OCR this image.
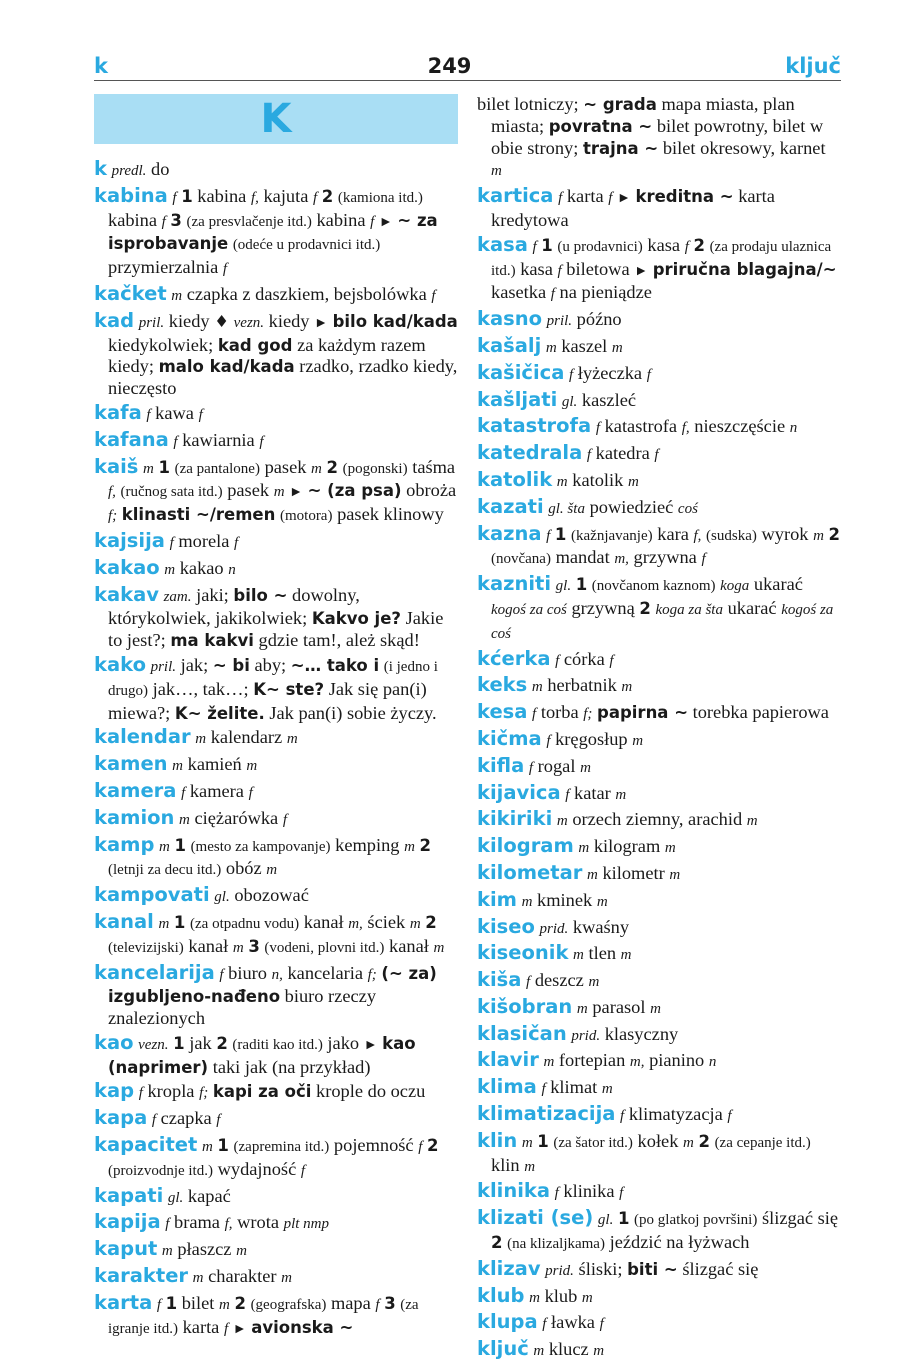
k	249	ključ
K
k predl. do
kabina f 1 kabina f, kajuta f 2 (kamiona itd.) kabina f 3 (za presvlačenje itd.) kabina f ► ~ za isprobavanje (odeće u prodavnici itd.) przymierzalnia f
kačket m czapka z daszkiem, bejsbolówka f
kad pril. kiedy ♦ vezn. kiedy ► bilo kad/kada kiedykolwiek; kad god za każdym razem kiedy; malo kad/kada rzadko, rzadko kiedy, nieczęsto
kafa f kawa f
kafana f kawiarnia f
kaiš m 1 (za pantalone) pasek m 2 (pogonski) taśma f, (ručnog sata itd.) pasek m ► ~ (za psa) obroża f; klinasti ~/remen (motora) pasek klinowy
kajsija f morela f
kakao m kakao n
kakav zam. jaki; bilo ~ dowolny, którykolwiek, jakikolwiek; Kakvo je? Jakie to jest?; ma kakvi gdzie tam!, ależ skąd!
kako pril. jak; ~ bi aby; ~… tako i (i jedno i drugo) jak…, tak…; K~ ste? Jak się pan(i) miewa?; K~ želite. Jak pan(i) sobie życzy.
kalendar m kalendarz m
kamen m kamień m
kamera f kamera f
kamion m ciężarówka f
kamp m 1 (mesto za kampovanje) kemping m 2 (letnji za decu itd.) obóz m
kampovati gl. obozować
kanal m 1 (za otpadnu vodu) kanał m, ściek m 2 (televizijski) kanał m 3 (vodeni, plovni itd.) kanał m
kancelarija f biuro n, kancelaria f; (~ za) izgubljeno-nađeno biuro rzeczy znalezionych
kao vezn. 1 jak 2 (raditi kao itd.) jako ► kao (naprimer) taki jak (na przykład)
kap f kropla f; kapi za oči krople do oczu
kapa f czapka f
kapacitet m 1 (zapremina itd.) pojemność f 2 (proizvodnje itd.) wydajność f
kapati gl. kapać
kapija f brama f, wrota plt nmp
kaput m płaszcz m
karakter m charakter m
karta f 1 bilet m 2 (geografska) mapa f 3 (za igranje itd.) karta f ► avionska ~
bilet lotniczy; ~ grada mapa miasta, plan miasta; povratna ~ bilet powrotny, bilet w obie strony; trajna ~ bilet okresowy, karnet m
kartica f karta f ► kreditna ~ karta kredytowa
kasa f 1 (u prodavnici) kasa f 2 (za prodaju ulaznica itd.) kasa f biletowa ► priručna blagajna/~ kasetka f na pieniądze
kasno pril. późno
kašalj m kaszel m
kašičica f łyżeczka f
kašljati gl. kaszleć
katastrofa f katastrofa f, nieszczęście n
katedrala f katedra f
katolik m katolik m
kazati gl. šta powiedzieć coś
kazna f 1 (kažnjavanje) kara f, (sudska) wyrok m 2 (novčana) mandat m, grzywna f
kazniti gl. 1 (novčanom kaznom) koga ukarać kogoś za coś grzywną 2 koga za šta ukarać kogoś za coś
kćerka f córka f
keks m herbatnik m
kesa f torba f; papirna ~ torebka papierowa
kičma f kręgosłup m
kifla f rogal m
kijavica f katar m
kikiriki m orzech ziemny, arachid m
kilogram m kilogram m
kilometar m kilometr m
kim m kminek m
kiseo prid. kwaśny
kiseonik m tlen m
kiša f deszcz m
kišobran m parasol m
klasičan prid. klasyczny
klavir m fortepian m, pianino n
klima f klimat m
klimatizacija f klimatyzacja f
klin m 1 (za šator itd.) kołek m 2 (za cepanje itd.) klin m
klinika f klinika f
klizati (se) gl. 1 (po glatkoj površini) ślizgać się 2 (na klizaljkama) jeździć na łyżwach
klizav prid. śliski; biti ~ ślizgać się
klub m klub m
klupa f ławka f
ključ m klucz m
